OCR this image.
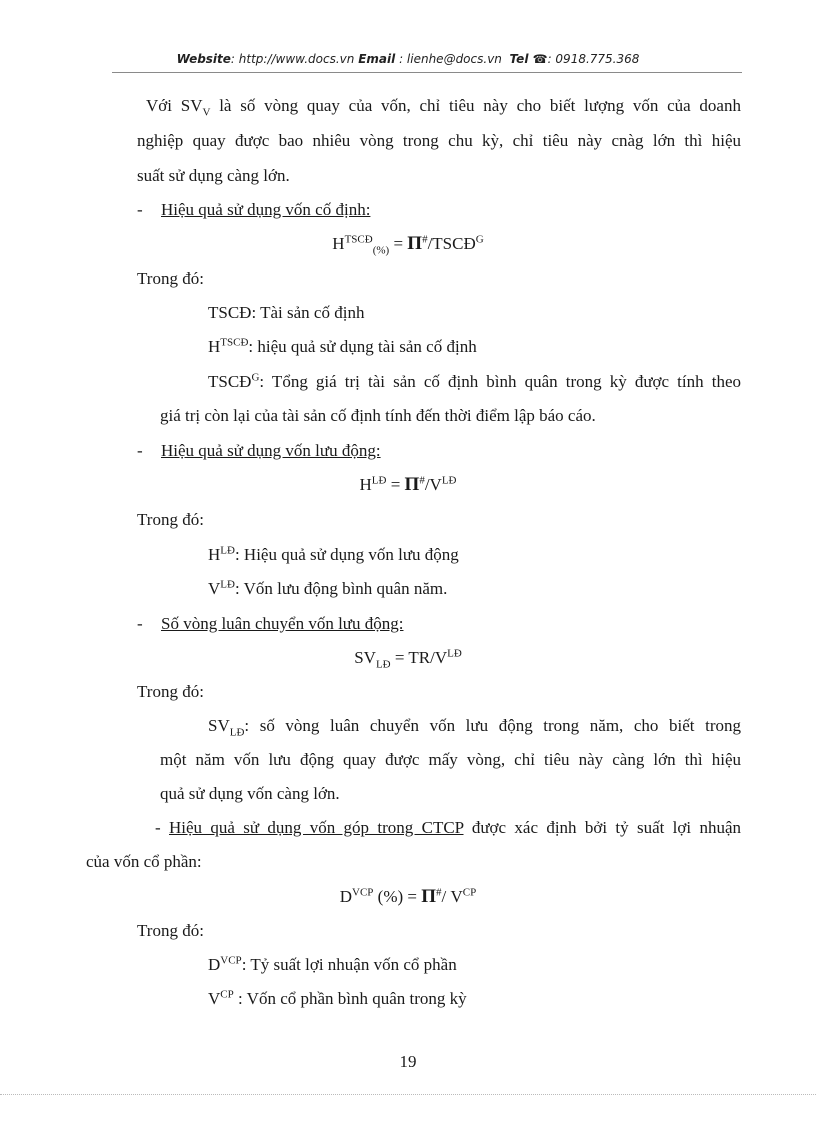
Website: http://www.docs.vn Email : lienhe@docs.vn Tel ☎: 0918.775.368
Với $SV_V$ là số vòng quay của vốn, chỉ tiêu này cho biết lượng vốn của doanh
nghiệp quay được bao nhiêu vòng trong chu kỳ, chỉ tiêu này cnàg lớn thì hiệu
suất sử dụng càng lớn.
- Hiệu quả sử dụng vốn cố định:
$H^{TSCĐ}_{(\%)}$ = $\Pi^{\#}/TSCĐ^G$
Trong đó:
TSCĐ: Tài sản cố định
$H^{TSCĐ}$: hiệu quả sử dụng tài sản cố định
$TSCĐ^G$: Tổng giá trị tài sản cố định bình quân trong kỳ được tính theo
giá trị còn lại của tài sản cố định tính đến thời điểm lập báo cáo.
- Hiệu quả sử dụng vốn lưu động:
$H^{LĐ} = \Pi^{\#}/V^{LĐ}$
Trong đó:
$H^{LĐ}$: Hiệu quả sử dụng vốn lưu động
$V^{LĐ}$: Vốn lưu động bình quân năm.
- Số vòng luân chuyển vốn lưu động:
$SV_{LĐ} = TR/V^{LĐ}$
Trong đó:
$SV_{LĐ}$: số vòng luân chuyển vốn lưu động trong năm, cho biết trong
một năm vốn lưu động quay được mấy vòng, chỉ tiêu này càng lớn thì hiệu
quả sử dụng vốn càng lớn.
- Hiệu quả sử dụng vốn góp trong CTCP được xác định bởi tỷ suất lợi nhuận
của vốn cổ phần:
$D^{VCP}$ (%) = Π#/ $V^{CP}$
Trong đó:
$D^{VCP}$: Tỷ suất lợi nhuận vốn cổ phần
$V^{CP}$ : Vốn cổ phần bình quân trong kỳ
19
